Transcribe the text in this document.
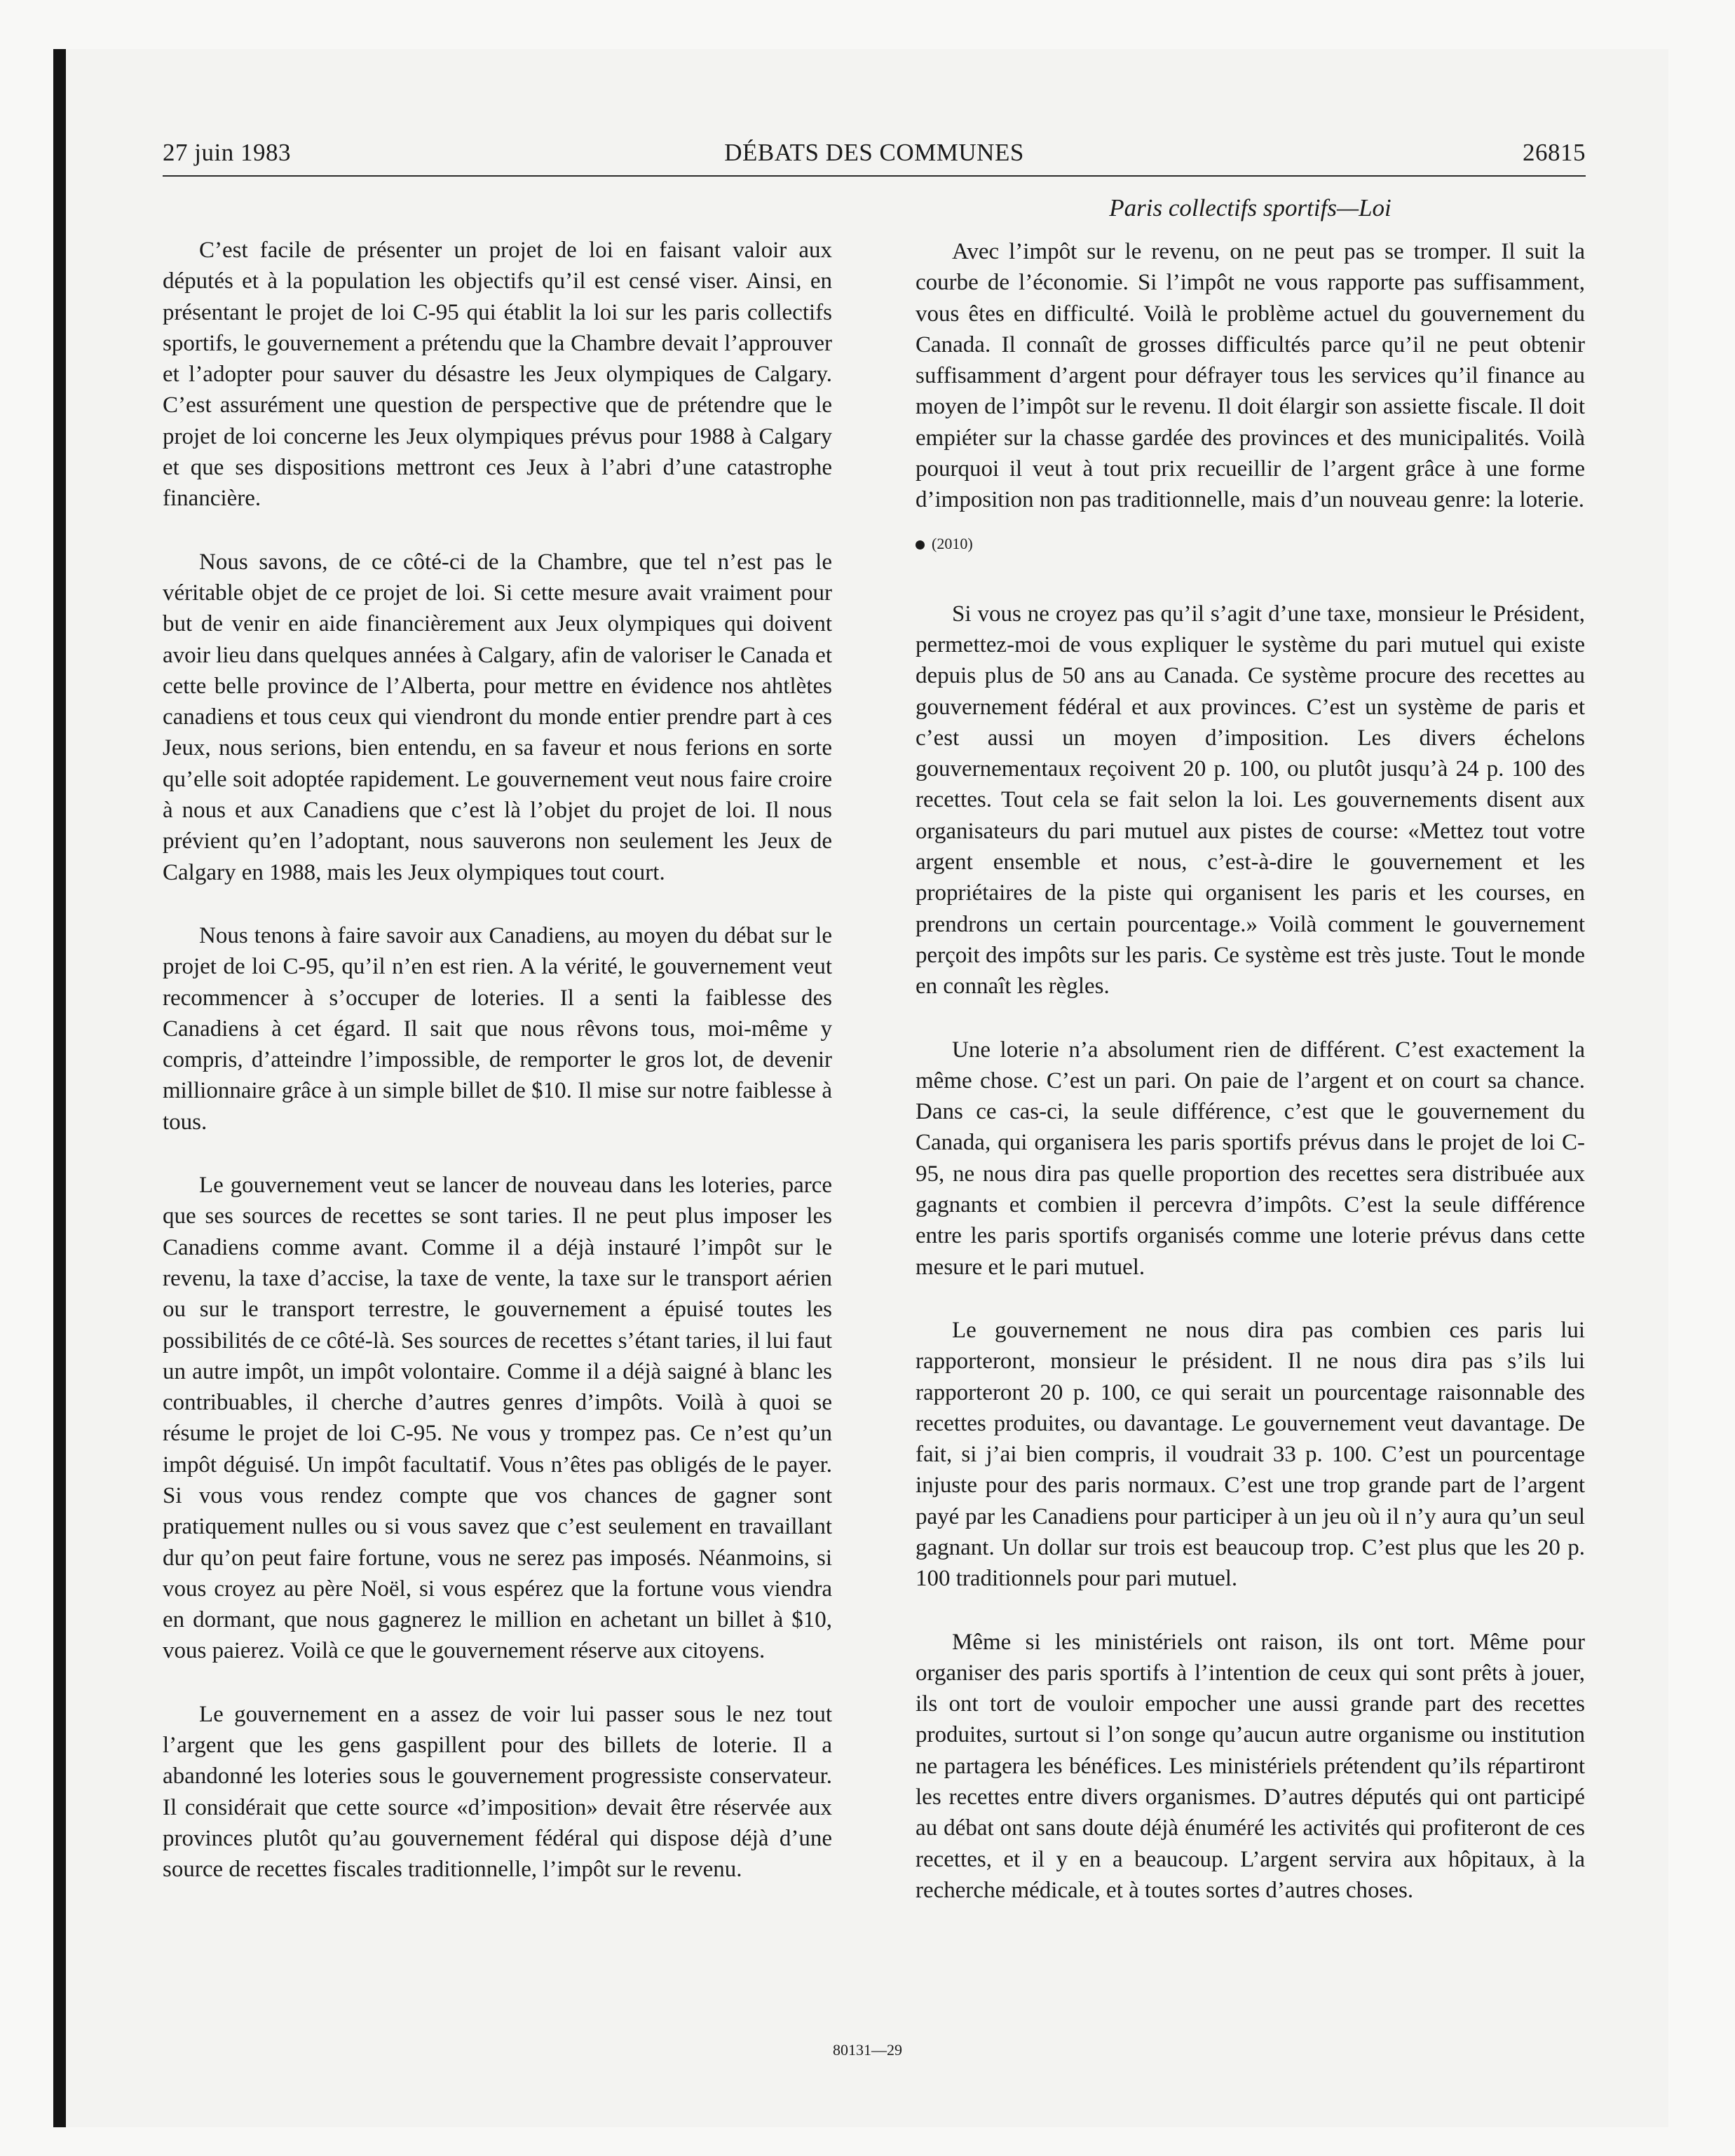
27 juin 1983	DÉBATS DES COMMUNES	26815

C’est facile de présenter un projet de loi en faisant valoir aux députés et à la population les objectifs qu’il est censé viser. Ainsi, en présentant le projet de loi C-95 qui établit la loi sur les paris collectifs sportifs, le gouvernement a prétendu que la Chambre devait l’approuver et l’adopter pour sauver du désastre les Jeux olympiques de Calgary. C’est assurément une question de perspective que de prétendre que le projet de loi concerne les Jeux olympiques prévus pour 1988 à Calgary et que ses dispositions mettront ces Jeux à l’abri d’une catastrophe financière.

Nous savons, de ce côté-ci de la Chambre, que tel n’est pas le véritable objet de ce projet de loi. Si cette mesure avait vraiment pour but de venir en aide financièrement aux Jeux olympiques qui doivent avoir lieu dans quelques années à Calgary, afin de valoriser le Canada et cette belle province de l’Alberta, pour mettre en évidence nos ahtlètes canadiens et tous ceux qui viendront du monde entier prendre part à ces Jeux, nous serions, bien entendu, en sa faveur et nous ferions en sorte qu’elle soit adoptée rapidement. Le gouvernement veut nous faire croire à nous et aux Canadiens que c’est là l’objet du projet de loi. Il nous prévient qu’en l’adoptant, nous sauverons non seulement les Jeux de Calgary en 1988, mais les Jeux olympiques tout court.

Nous tenons à faire savoir aux Canadiens, au moyen du débat sur le projet de loi C-95, qu’il n’en est rien. A la vérité, le gouvernement veut recommencer à s’occuper de loteries. Il a senti la faiblesse des Canadiens à cet égard. Il sait que nous rêvons tous, moi-même y compris, d’atteindre l’impossible, de remporter le gros lot, de devenir millionnaire grâce à un simple billet de $10. Il mise sur notre faiblesse à tous.

Le gouvernement veut se lancer de nouveau dans les loteries, parce que ses sources de recettes se sont taries. Il ne peut plus imposer les Canadiens comme avant. Comme il a déjà instauré l’impôt sur le revenu, la taxe d’accise, la taxe de vente, la taxe sur le transport aérien ou sur le transport terrestre, le gouvernement a épuisé toutes les possibilités de ce côté-là. Ses sources de recettes s’étant taries, il lui faut un autre impôt, un impôt volontaire. Comme il a déjà saigné à blanc les contribuables, il cherche d’autres genres d’impôts. Voilà à quoi se résume le projet de loi C-95. Ne vous y trompez pas. Ce n’est qu’un impôt déguisé. Un impôt facultatif. Vous n’êtes pas obligés de le payer. Si vous vous rendez compte que vos chances de gagner sont pratiquement nulles ou si vous savez que c’est seulement en travaillant dur qu’on peut faire fortune, vous ne serez pas imposés. Néanmoins, si vous croyez au père Noël, si vous espérez que la fortune vous viendra en dormant, que nous gagnerez le million en achetant un billet à $10, vous paierez. Voilà ce que le gouvernement réserve aux citoyens.

Le gouvernement en a assez de voir lui passer sous le nez tout l’argent que les gens gaspillent pour des billets de loterie. Il a abandonné les loteries sous le gouvernement progressiste conservateur. Il considérait que cette source «d’imposition» devait être réservée aux provinces plutôt qu’au gouvernement fédéral qui dispose déjà d’une source de recettes fiscales traditionnelle, l’impôt sur le revenu.

Paris collectifs sportifs—Loi

Avec l’impôt sur le revenu, on ne peut pas se tromper. Il suit la courbe de l’économie. Si l’impôt ne vous rapporte pas suffisamment, vous êtes en difficulté. Voilà le problème actuel du gouvernement du Canada. Il connaît de grosses difficultés parce qu’il ne peut obtenir suffisamment d’argent pour défrayer tous les services qu’il finance au moyen de l’impôt sur le revenu. Il doit élargir son assiette fiscale. Il doit empiéter sur la chasse gardée des provinces et des municipalités. Voilà pourquoi il veut à tout prix recueillir de l’argent grâce à une forme d’imposition non pas traditionnelle, mais d’un nouveau genre: la loterie.

(2010)

Si vous ne croyez pas qu’il s’agit d’une taxe, monsieur le Président, permettez-moi de vous expliquer le système du pari mutuel qui existe depuis plus de 50 ans au Canada. Ce système procure des recettes au gouvernement fédéral et aux provinces. C’est un système de paris et c’est aussi un moyen d’imposition. Les divers échelons gouvernementaux reçoivent 20 p. 100, ou plutôt jusqu’à 24 p. 100 des recettes. Tout cela se fait selon la loi. Les gouvernements disent aux organisateurs du pari mutuel aux pistes de course: «Mettez tout votre argent ensemble et nous, c’est-à-dire le gouvernement et les propriétaires de la piste qui organisent les paris et les courses, en prendrons un certain pourcentage.» Voilà comment le gouvernement perçoit des impôts sur les paris. Ce système est très juste. Tout le monde en connaît les règles.

Une loterie n’a absolument rien de différent. C’est exactement la même chose. C’est un pari. On paie de l’argent et on court sa chance. Dans ce cas-ci, la seule différence, c’est que le gouvernement du Canada, qui organisera les paris sportifs prévus dans le projet de loi C-95, ne nous dira pas quelle proportion des recettes sera distribuée aux gagnants et combien il percevra d’impôts. C’est la seule différence entre les paris sportifs organisés comme une loterie prévus dans cette mesure et le pari mutuel.

Le gouvernement ne nous dira pas combien ces paris lui rapporteront, monsieur le président. Il ne nous dira pas s’ils lui rapporteront 20 p. 100, ce qui serait un pourcentage raisonnable des recettes produites, ou davantage. Le gouvernement veut davantage. De fait, si j’ai bien compris, il voudrait 33 p. 100. C’est un pourcentage injuste pour des paris normaux. C’est une trop grande part de l’argent payé par les Canadiens pour participer à un jeu où il n’y aura qu’un seul gagnant. Un dollar sur trois est beaucoup trop. C’est plus que les 20 p. 100 traditionnels pour pari mutuel.

Même si les ministériels ont raison, ils ont tort. Même pour organiser des paris sportifs à l’intention de ceux qui sont prêts à jouer, ils ont tort de vouloir empocher une aussi grande part des recettes produites, surtout si l’on songe qu’aucun autre organisme ou institution ne partagera les bénéfices. Les ministériels prétendent qu’ils répartiront les recettes entre divers organismes. D’autres députés qui ont participé au débat ont sans doute déjà énuméré les activités qui profiteront de ces recettes, et il y en a beaucoup. L’argent servira aux hôpitaux, à la recherche médicale, et à toutes sortes d’autres choses.

80131—29
